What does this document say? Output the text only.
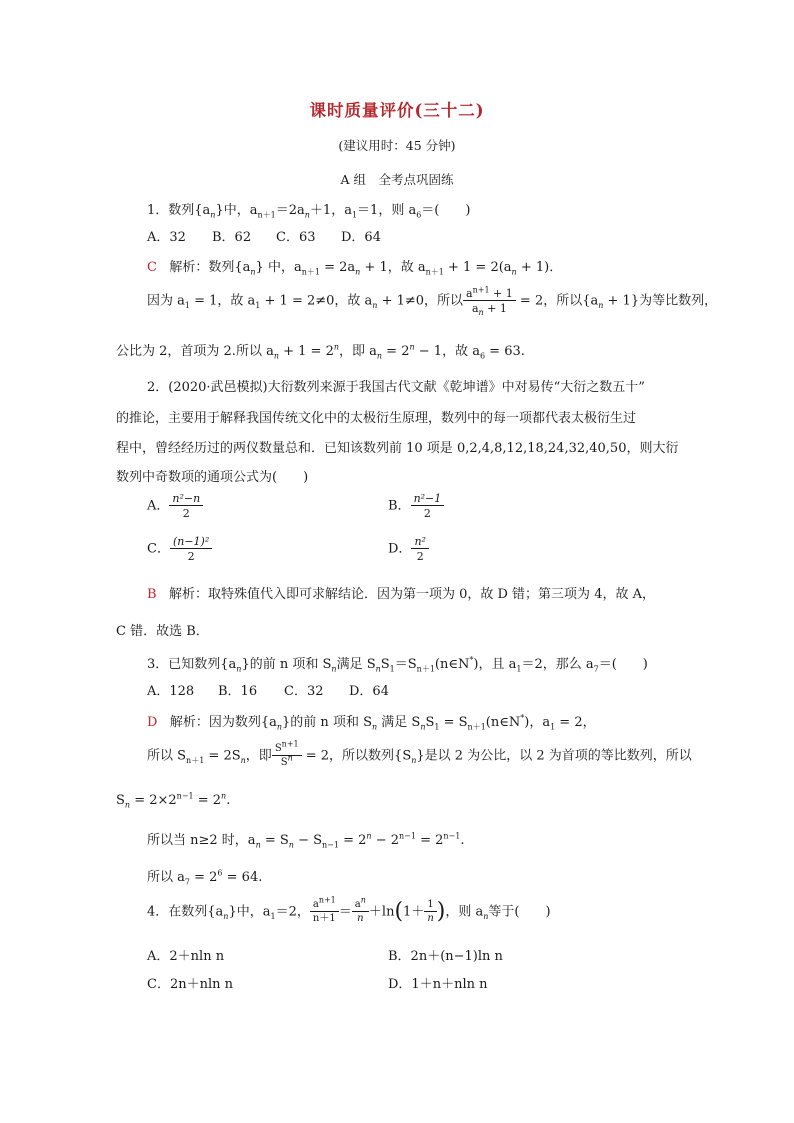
课时质量评价(三十二)
(建议用时：45 分钟)
A 组　全考点巩固练
1．数列$\{a_n\}$中，$a_{n+1}=2a_n+1$，$a_1=1$，则 $a_6=$(　　)
A．32 B．62 C．63 D．64
C 解析：数列$\{a_n\}$ 中，$a_{n+1} = 2a_n + 1$，故 $a_{n+1} + 1 = 2(a_n + 1)$．
因为 $a_1 = 1$，故 $a_1 + 1 = 2\ne 0$，故 $a_n + 1\ne 0$，所以 $\frac{a^{n+1} + 1}{a_n + 1} = 2$，所以$\{a_n + 1\}$为等比数列，
公比为 2，首项为 2.所以 $a_n + 1 = 2^n$，即 $a_n = 2^n - 1$，故 $a_6 = 63$.
2．(2020·武邑模拟)大衍数列来源于我国古代文献《乾坤谱》中对易传“大衍之数五十”
的推论，主要用于解释我国传统文化中的太极衍生原理，数列中的每一项都代表太极衍生过
程中，曾经经历过的两仪数量总和．已知该数列前 10 项是 0,2,4,8,12,18,24,32,40,50，则大衍
数列中奇数项的通项公式为(　　)
A． $\frac{\text{n²−n}}{2}$	B． $\frac{\text{n²−1}}{2}$
C． $\frac{\text{(n−1)²}}{2}$	D． $\frac{\text{n²}}{2}$
B 解析：取特殊值代入即可求解结论．因为第一项为 0，故 D 错；第三项为 4，故 A，
C 错．故选 B．
3．已知数列$\{a_n\}$的前 n 项和 $S_n$满足 $S_nS_1=S_{n+1}(n\in N^*)$，且 $a_1=2$，那么 $a_7=$(　　)
A．128 B．16 C．32 D．64
D 解析：因为数列$\{a_n\}$的前 n 项和 $S_n$ 满足 $S_nS_1$ = $S_{n+1}(n\in N^*)$，$a_1 = 2$，
所以 $S_{n+1} = 2S_n$，即 $\frac{S^{n+1}}{S^n} = 2$，所以数列$\{S_n\}$是以 2 为公比，以 2 为首项的等比数列，所以
$S_n = 2\times 2^{n-1} = 2^n$.
所以当 n≥2 时，$a_n = S_n - S_{n-1} = 2^n - 2^{n-1} = 2^{n-1}$.
所以 $a_7 = 2^6 = 64$.
4．在数列$\{a_n\}$中，$a_1=2$， $\frac{a^{n+1}}{n+1} = \frac{a^n}{n} +\ln(1+ \frac{1}{n}$ )，则 $a_n$等于(　　)
A．2＋nln n	B．2n＋(n−1)ln n
C．2n＋nln n	D．1＋n＋nln n
